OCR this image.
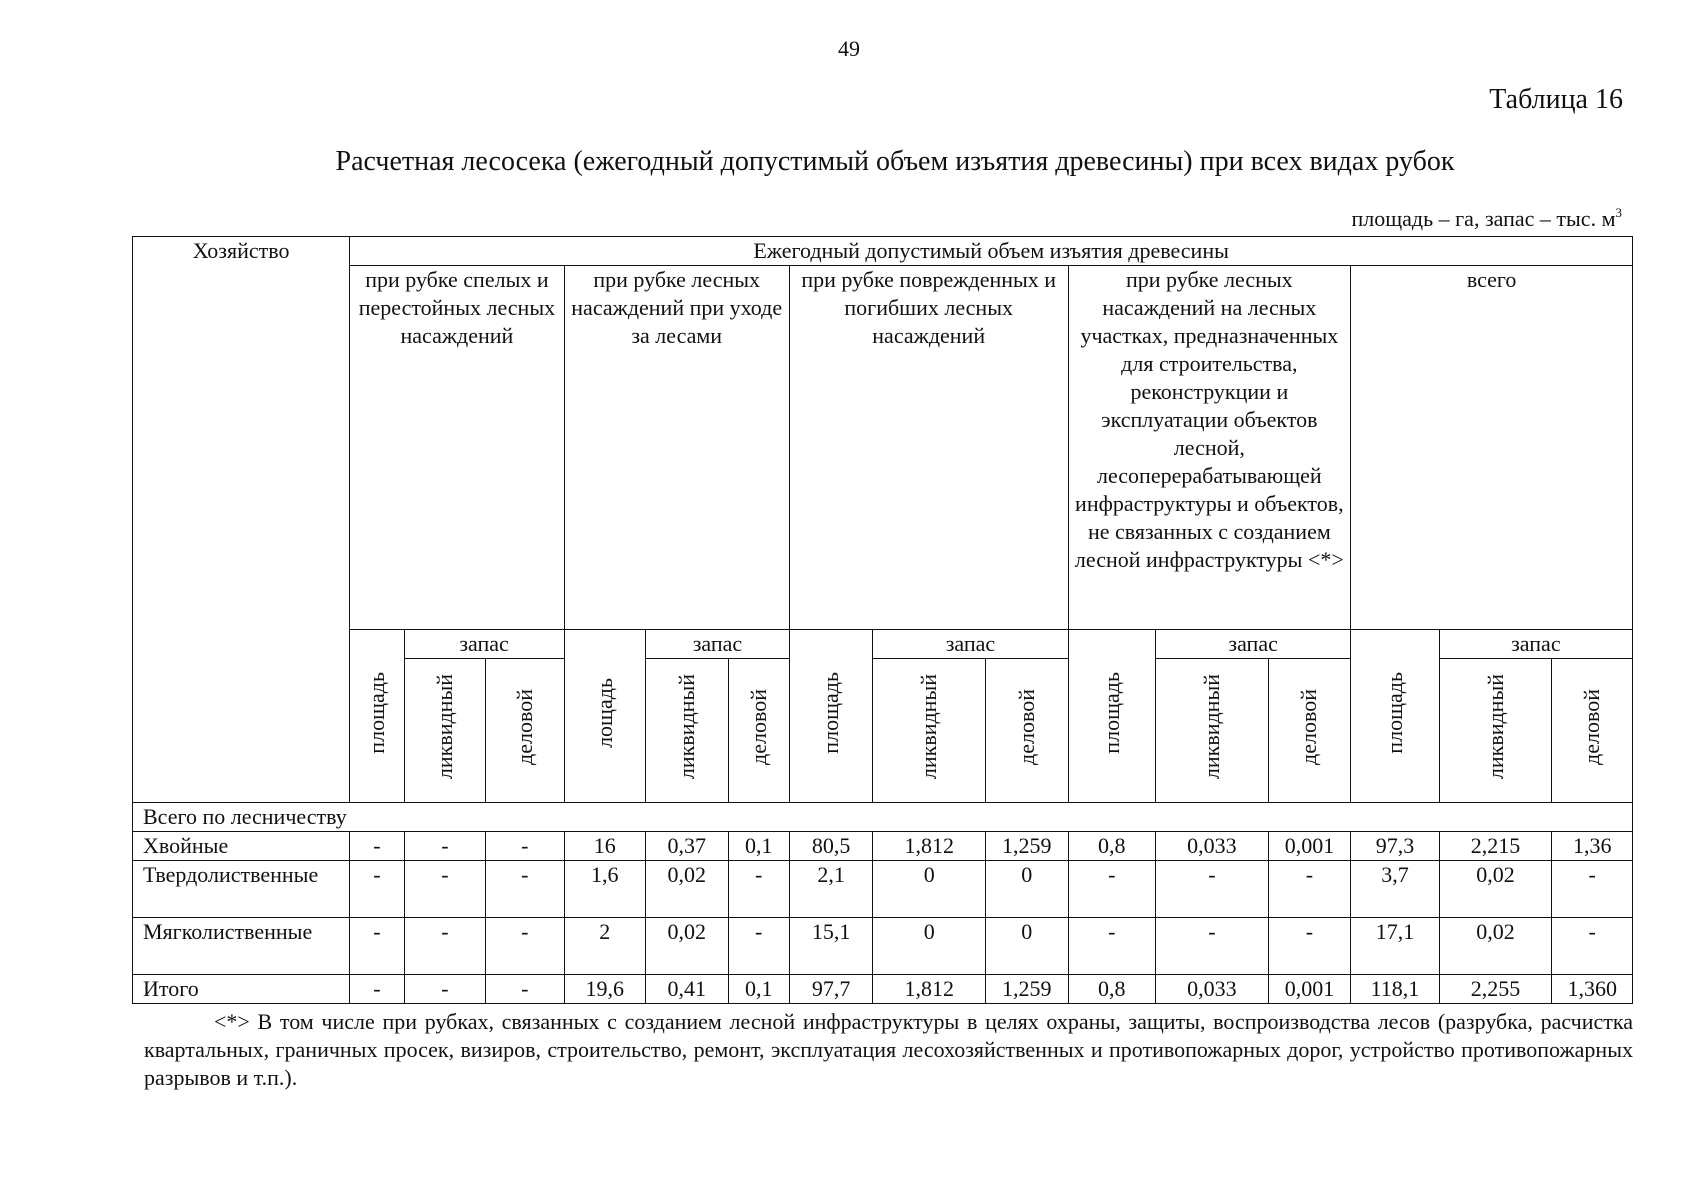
49
Таблица 16
Расчетная лесосека (ежегодный допустимый объем изъятия древесины) при всех видах рубок
площадь – га, запас – тыс. $м^3$
Хозяйство	Ежегодный допустимый объем изъятия древесины														
	при рубке спелых и перестойных лесных насаждений			при рубке лесных насаждений при уходе за лесами			при рубке поврежденных и погибших лесных насаждений			при рубке лесных насаждений на лесных участках, предназначенных для строительства, реконструкции и эксплуатации объектов лесной, лесоперерабатывающей инфраструктуры и объектов, не связанных с созданием лесной инфраструктуры <*>			всего		
	площадь	запас		лощадь	запас		площадь	запас		площадь	запас		площадь	запас	
		ликвидный	деловой		ликвидный	деловой		ликвидный	деловой		ликвидный	деловой		ликвидный	деловой
Всего по лесничеству															
Хвойные	-	-	-	16	0,37	0,1	80,5	1,812	1,259	0,8	0,033	0,001	97,3	2,215	1,36
Твердолиственные	-	-	-	1,6	0,02	-	2,1	0	0	-	-	-	3,7	0,02	-
Мягколиственные	-	-	-	2	0,02	-	15,1	0	0	-	-	-	17,1	0,02	-
Итого	-	-	-	19,6	0,41	0,1	97,7	1,812	1,259	0,8	0,033	0,001	118,1	2,255	1,360
<*> В том числе при рубках, связанных с созданием лесной инфраструктуры в целях охраны, защиты, воспроизводства лесов (разрубка, расчистка квартальных, граничных просек, визиров, строительство, ремонт, эксплуатация лесохозяйственных и противопожарных дорог, устройство противопожарных разрывов и т.п.).
